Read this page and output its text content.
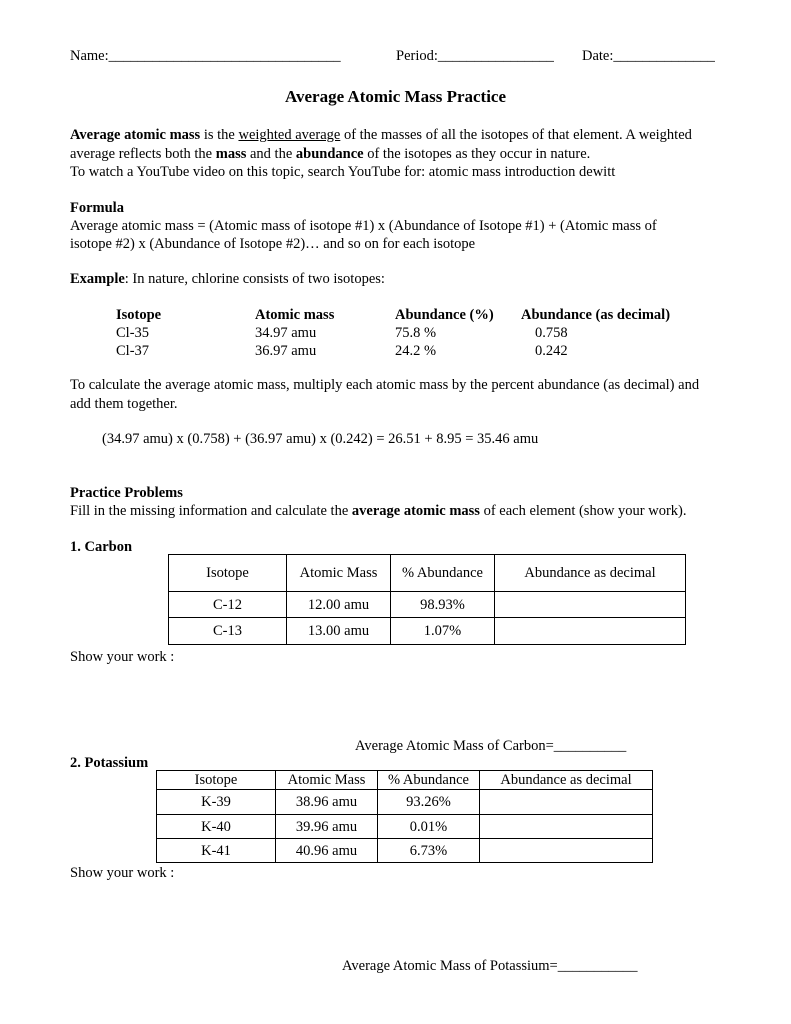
Name:________________________________	Period:________________ Date:______________
Average Atomic Mass Practice
Average atomic mass is the weighted average of the masses of all the isotopes of that element. A weighted
average reflects both the mass and the abundance of the isotopes as they occur in nature.
To watch a YouTube video on this topic, search YouTube for: atomic mass introduction dewitt
Formula
Average atomic mass = (Atomic mass of isotope #1) x (Abundance of Isotope #1) + (Atomic mass of
isotope #2) x (Abundance of Isotope #2)… and so on for each isotope
Example: In nature, chlorine consists of two isotopes:
Isotope	Atomic mass	Abundance (%) Abundance (as decimal)
Cl-35	34.97 amu	75.8 %	0.758
Cl-37	36.97 amu	24.2 %	0.242
To calculate the average atomic mass, multiply each atomic mass by the percent abundance (as decimal) and
add them together.
(34.97 amu) x (0.758) + (36.97 amu) x (0.242) = 26.51 + 8.95 = 35.46 amu
Practice Problems
Fill in the missing information and calculate the average atomic mass of each element (show your work).
1. Carbon
Isotope	Atomic Mass	% Abundance	Abundance as decimal
C-12	12.00 amu	98.93%	
C-13	13.00 amu	1.07%	
Show your work :
Average Atomic Mass of Carbon=__________
2. Potassium
Isotope	Atomic Mass	% Abundance	Abundance as decimal
K-39	38.96 amu	93.26%	
K-40	39.96 amu	0.01%	
K-41	40.96 amu	6.73%	
Show your work :
Average Atomic Mass of Potassium=___________
